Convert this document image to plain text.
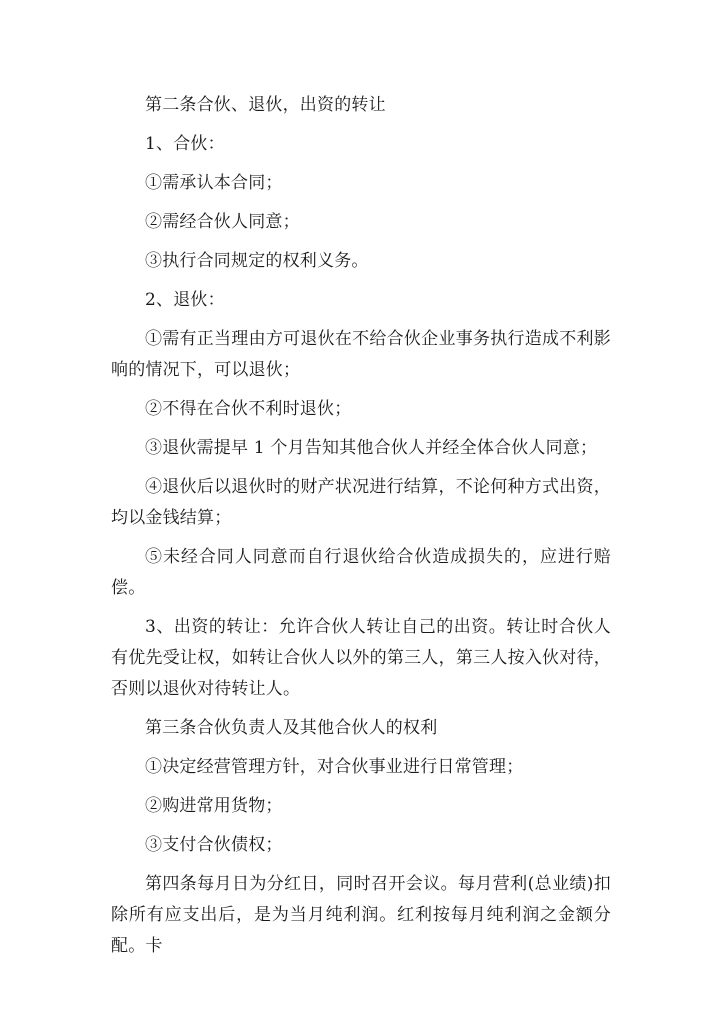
第二条合伙、退伙，出资的转让

1、合伙：

①需承认本合同；

②需经合伙人同意；

③执行合同规定的权利义务。

2、退伙：

①需有正当理由方可退伙在不给合伙企业事务执行造成不利影响的情况下，可以退伙；

②不得在合伙不利时退伙；

③退伙需提早 1 个月告知其他合伙人并经全体合伙人同意；

④退伙后以退伙时的财产状况进行结算，不论何种方式出资，均以金钱结算；

⑤未经合同人同意而自行退伙给合伙造成损失的，应进行赔偿。

3、出资的转让：允许合伙人转让自己的出资。转让时合伙人有优先受让权，如转让合伙人以外的第三人，第三人按入伙对待，否则以退伙对待转让人。

第三条合伙负责人及其他合伙人的权利

①决定经营管理方针，对合伙事业进行日常管理；

②购进常用货物；

③支付合伙债权；

第四条每月日为分红日，同时召开会议。每月营利(总业绩)扣除所有应支出后，是为当月纯利润。红利按每月纯利润之金额分配。卡
